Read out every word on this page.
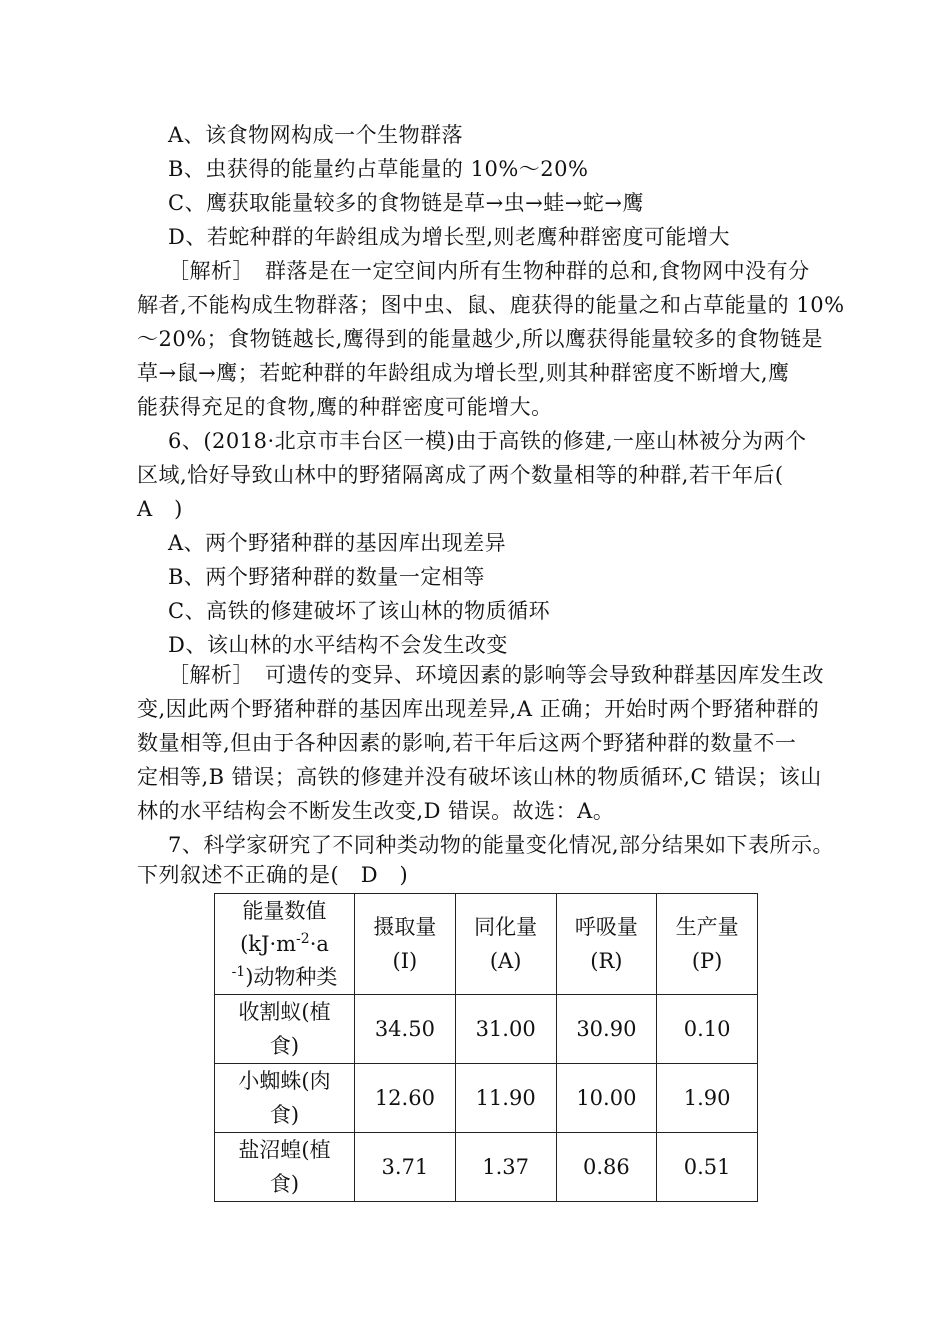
A、该食物网构成一个生物群落
B、虫获得的能量约占草能量的 10%～20%
C、鹰获取能量较多的食物链是草→虫→蛙→蛇→鹰
D、若蛇种群的年龄组成为增长型,则老鹰种群密度可能增大
［解析］　群落是在一定空间内所有生物种群的总和,食物网中没有分
解者,不能构成生物群落；图中虫、鼠、鹿获得的能量之和占草能量的 10%
～20%；食物链越长,鹰得到的能量越少,所以鹰获得能量较多的食物链是
草→鼠→鹰；若蛇种群的年龄组成为增长型,则其种群密度不断增大,鹰
能获得充足的食物,鹰的种群密度可能增大。
6、(2018·北京市丰台区一模)由于高铁的修建,一座山林被分为两个
区域,恰好导致山林中的野猪隔离成了两个数量相等的种群,若干年后(
A　)
A、两个野猪种群的基因库出现差异
B、两个野猪种群的数量一定相等
C、高铁的修建破坏了该山林的物质循环
D、该山林的水平结构不会发生改变
［解析］　可遗传的变异、环境因素的影响等会导致种群基因库发生改
变,因此两个野猪种群的基因库出现差异,A 正确；开始时两个野猪种群的
数量相等,但由于各种因素的影响,若干年后这两个野猪种群的数量不一
定相等,B 错误；高铁的修建并没有破坏该山林的物质循环,C 错误；该山
林的水平结构会不断发生改变,D 错误。故选：A。
7、科学家研究了不同种类动物的能量变化情况,部分结果如下表所示。
下列叙述不正确的是(　D　)
能量数值
($kJ\cdot m^{-2}\cdot a$
$^{-1}$)动物种类	摄取量
(I)	同化量
(A)	呼吸量
(R)	生产量
(P)
收割蚁(植
食)	34.50	31.00	30.90	0.10
小蜘蛛(肉
食)	12.60	11.90	10.00	1.90
盐沼蝗(植
食)	3.71	1.37	0.86	0.51
